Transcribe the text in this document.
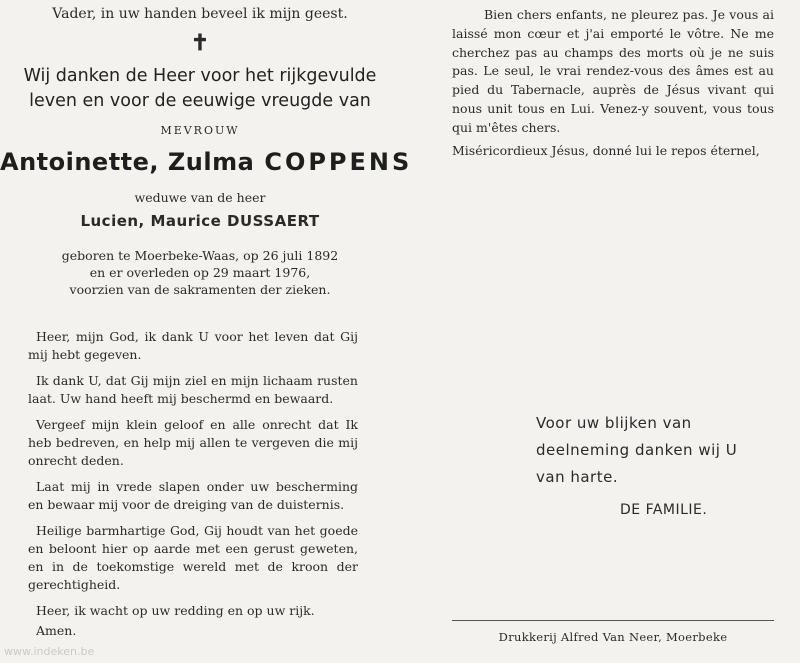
Vader, in uw handen beveel ik mijn geest.
✝
Wij danken de Heer voor het rijkgevulde
leven en voor de eeuwige vreugde van
MEVROUW
Antoinette, Zulma COPPENS
weduwe van de heer
Lucien, Maurice DUSSAERT
geboren te Moerbeke-Waas, op 26 juli 1892
en er overleden op 29 maart 1976,
voorzien van de sakramenten der zieken.

Heer, mijn God, ik dank U voor het leven dat Gij mij hebt gegeven.

Ik dank U, dat Gij mijn ziel en mijn lichaam rusten laat. Uw hand heeft mij beschermd en bewaard.

Vergeef mijn klein geloof en alle onrecht dat Ik heb bedreven, en help mij allen te vergeven die mij onrecht deden.

Laat mij in vrede slapen onder uw bescherming en bewaar mij voor de dreiging van de duisternis.

Heilige barmhartige God, Gij houdt van het goede en beloont hier op aarde met een gerust geweten, en in de toekomstige wereld met de kroon der gerechtigheid.

Heer, ik wacht op uw redding en op uw rijk.

Amen.

Bien chers enfants, ne pleurez pas. Je vous ai laissé mon cœur et j'ai emporté le vôtre. Ne me cherchez pas au champs des morts où je ne suis pas. Le seul, le vrai rendez-vous des âmes est au pied du Tabernacle, auprès de Jésus vivant qui nous unit tous en Lui. Venez-y souvent, vous tous qui m'êtes chers.

Miséricordieux Jésus, donné lui le repos éternel,

Voor uw blijken van
deelneming danken wij U
van harte.
DE FAMILIE.
Drukkerij Alfred Van Neer, Moerbeke
www.indeken.be
